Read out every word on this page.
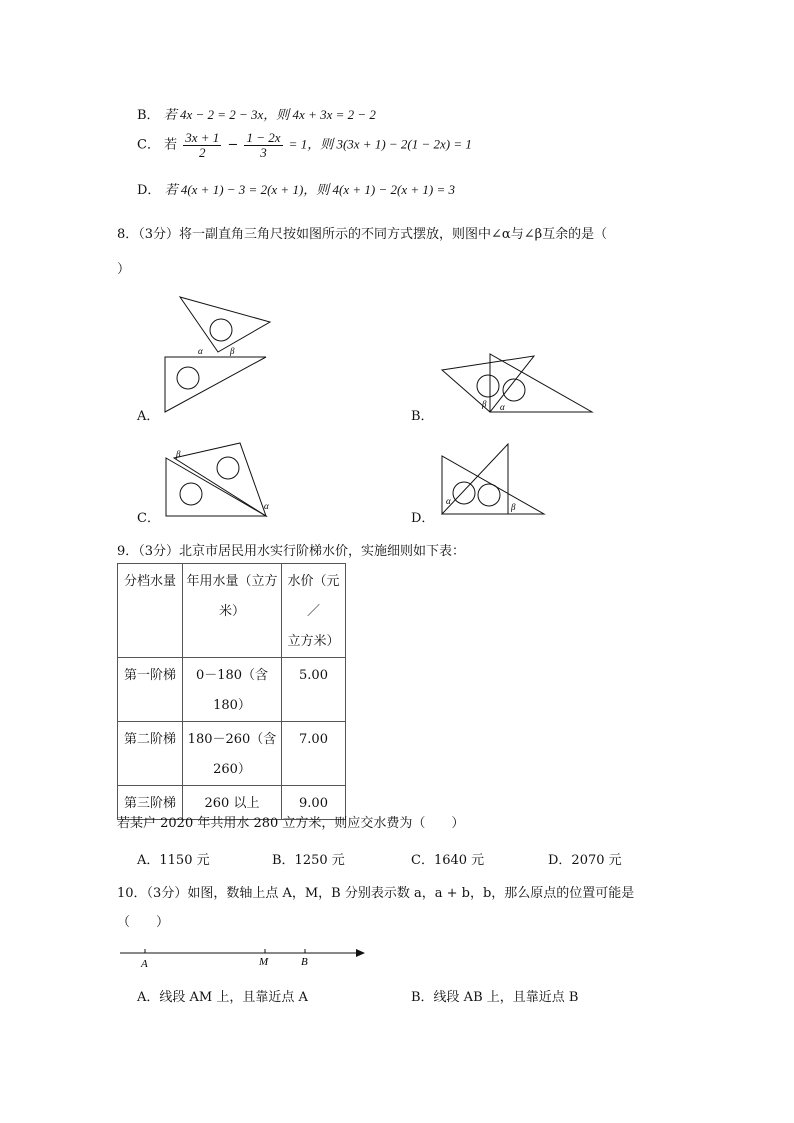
B． 若 4x − 2 = 2 − 3x，则 4x + 3x = 2 − 2
C． 若 $\frac{3x + 1}{2} - \frac{1 - 2x}{3} = 1$，则 3(3x + 1) − 2(1 − 2x) = 1
D． 若 4(x + 1) − 3 = 2(x + 1)，则 4(x + 1) − 2(x + 1) = 3
8．（3分）将一副直角三角尺按如图所示的不同方式摆放，则图中∠α与∠β互余的是（
）
α	β
A．
β α
B．
β
α
C．
α
β
D．
9．（3分）北京市居民用水实行阶梯水价，实施细则如下表：
分档水量	年用水量（立方
米）	水价（元／
立方米）
第一阶梯	0－180（含
180）	5.00
第二阶梯	180－260（含
260）	7.00
第三阶梯	260 以上	9.00
若某户 2020 年共用水 280 立方米，则应交水费为（　　）
A．1150 元	B．1250 元	C．1640 元	D．2070 元
10．（3分）如图，数轴上点 A，M，B 分别表示数 a，a + b，b，那么原点的位置可能是
（　　）
A	M	B
A．线段 AM 上，且靠近点 A	B．线段 AB 上，且靠近点 B
